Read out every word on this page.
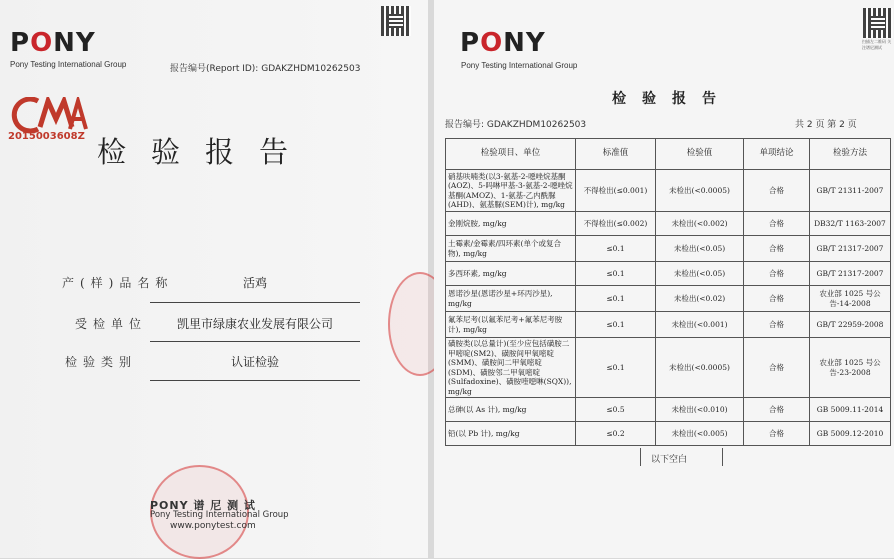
PONY
Pony Testing International Group	报告编号(Report ID): GDAKZHDM10262503
CMA
2015003608Z 检验报告
产(样)品名称	活鸡
受检单位	凯里市绿康农业发展有限公司
检验类别	认证检验
PONY 谱 尼 测 试
Pony Testing International Group
www.ponytest.com
PONY
Pony Testing International Group
扫描左二维码 关注谱尼测试
检验报告
报告编号: GDAKZHDM10262503	共 2 页 第 2 页
检验项目、单位	标准值	检验值	单项结论	检验方法
硝基呋喃类(以3-氨基-2-噁唑烷基酮(AOZ)、5-吗啉甲基-3-氨基-2-噁唑烷基酮(AMOZ)、1-氨基-乙内酰脲(AHD)、氨基脲(SEM)计), mg/kg	不得检出(≤0.001)	未检出(<0.0005)	合格	GB/T 21311-2007
金刚烷胺, mg/kg	不得检出(≤0.002)	未检出(<0.002)	合格	DB32/T 1163-2007
土霉素/金霉素/四环素(单个或复合物), mg/kg	≤0.1	未检出(<0.05)	合格	GB/T 21317-2007
多西环素, mg/kg	≤0.1	未检出(<0.05)	合格	GB/T 21317-2007
恩诺沙星(恩诺沙星+环丙沙星), mg/kg	≤0.1	未检出(<0.02)	合格	农业部 1025 号公告-14-2008
氟苯尼考(以氟苯尼考+氟苯尼考胺计), mg/kg	≤0.1	未检出(<0.001)	合格	GB/T 22959-2008
磺胺类(以总量计)(至少应包括磺胺二甲嘧啶(SM2)、磺胺间甲氧嘧啶(SMM)、磺胺间二甲氧嘧啶(SDM)、磺胺邻二甲氧嘧啶(Sulfadoxine)、磺胺喹噁啉(SQX)), mg/kg	≤0.1	未检出(<0.0005)	合格	农业部 1025 号公告-23-2008
总砷(以 As 计), mg/kg	≤0.5	未检出(<0.010)	合格	GB 5009.11-2014
铅(以 Pb 计), mg/kg	≤0.2	未检出(<0.005)	合格	GB 5009.12-2010
以下空白
